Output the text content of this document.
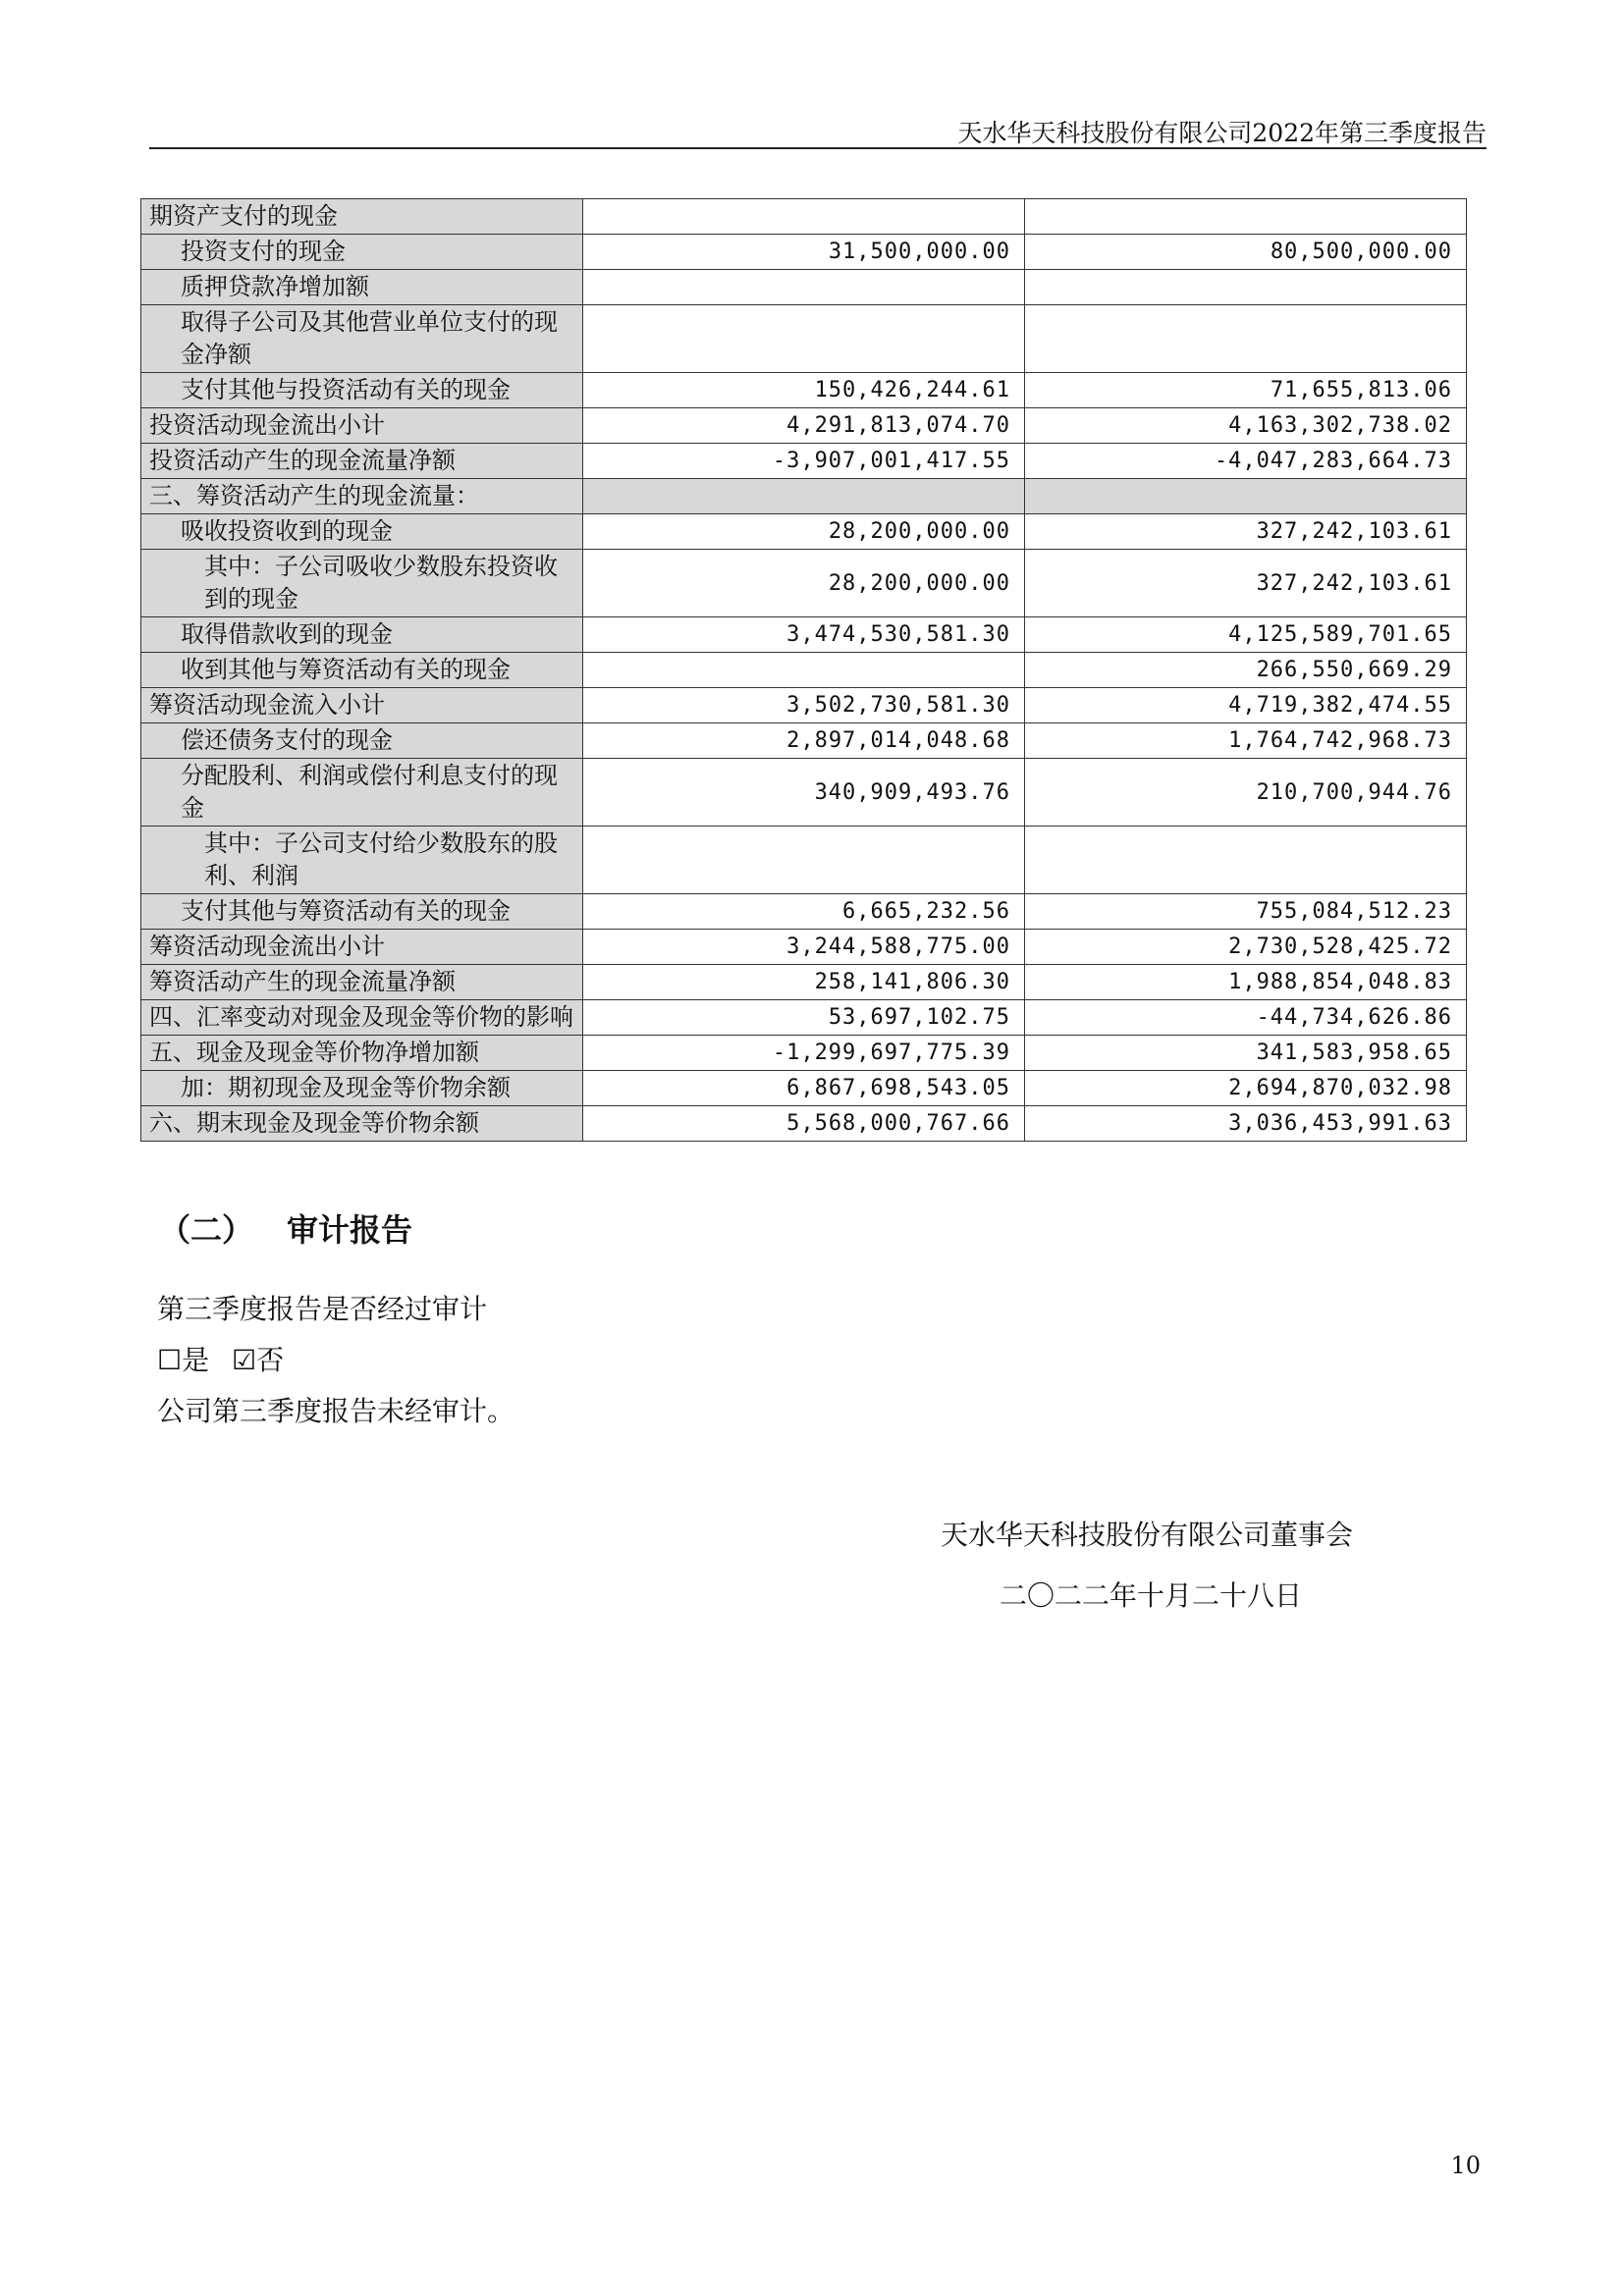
天水华天科技股份有限公司2022年第三季度报告
期资产支付的现金		
投资支付的现金	31,500,000.00	80,500,000.00
质押贷款净增加额		
取得子公司及其他营业单位支付的现金净额		
支付其他与投资活动有关的现金	150,426,244.61	71,655,813.06
投资活动现金流出小计	4,291,813,074.70	4,163,302,738.02
投资活动产生的现金流量净额	-3,907,001,417.55	-4,047,283,664.73
三、筹资活动产生的现金流量：		
吸收投资收到的现金	28,200,000.00	327,242,103.61
其中：子公司吸收少数股东投资收到的现金	28,200,000.00	327,242,103.61
取得借款收到的现金	3,474,530,581.30	4,125,589,701.65
收到其他与筹资活动有关的现金		266,550,669.29
筹资活动现金流入小计	3,502,730,581.30	4,719,382,474.55
偿还债务支付的现金	2,897,014,048.68	1,764,742,968.73
分配股利、利润或偿付利息支付的现金	340,909,493.76	210,700,944.76
其中：子公司支付给少数股东的股利、利润		
支付其他与筹资活动有关的现金	6,665,232.56	755,084,512.23
筹资活动现金流出小计	3,244,588,775.00	2,730,528,425.72
筹资活动产生的现金流量净额	258,141,806.30	1,988,854,048.83
四、汇率变动对现金及现金等价物的影响	53,697,102.75	-44,734,626.86
五、现金及现金等价物净增加额	-1,299,697,775.39	341,583,958.65
加：期初现金及现金等价物余额	6,867,698,543.05	2,694,870,032.98
六、期末现金及现金等价物余额	5,568,000,767.66	3,036,453,991.63
（二） 审计报告
第三季度报告是否经过审计
☐是 ☑否
公司第三季度报告未经审计。
天水华天科技股份有限公司董事会
二〇二二年十月二十八日
10
